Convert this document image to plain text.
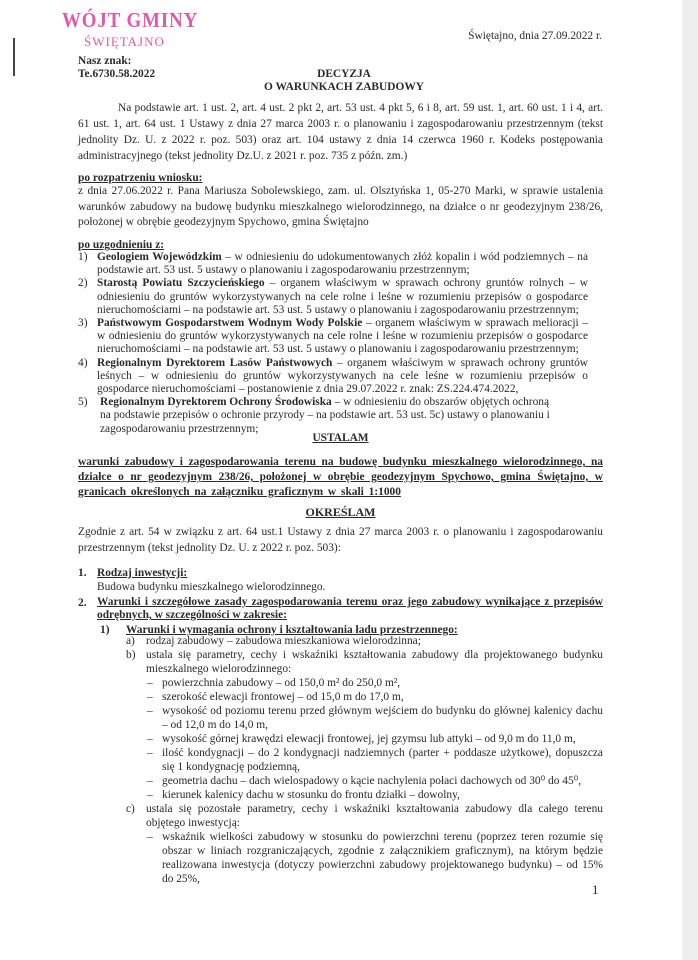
WÓJT GMINY
ŚWIĘTAJNO	Świętajno, dnia 27.09.2022 r.
Nasz znak:
Te.6730.58.2022	DECYZJA
O WARUNKACH ZABUDOWY
Na podstawie art. 1 ust. 2, art. 4 ust. 2 pkt 2, art. 53 ust. 4 pkt 5, 6 i 8, art. 59 ust. 1, art. 60 ust. 1 i 4, art. 61 ust. 1, art. 64 ust. 1 Ustawy z dnia 27 marca 2003 r. o planowaniu i zagospodarowaniu przestrzennym (tekst jednolity Dz. U. z 2022 r. poz. 503) oraz art. 104 ustawy z dnia 14 czerwca 1960 r. Kodeks postępowania administracyjnego (tekst jednolity Dz.U. z 2021 r. poz. 735 z późn. zm.)
po rozpatrzeniu wniosku:
z dnia 27.06.2022 r. Pana Mariusza Sobolewskiego, zam. ul. Olsztyńska 1, 05-270 Marki, w sprawie ustalenia warunków zabudowy na budowę budynku mieszkalnego wielorodzinnego, na działce o nr geodezyjnym 238/26, położonej w obrębie geodezyjnym Spychowo, gmina Świętajno
po uzgodnieniu z:
1) Geologiem Wojewódzkim – w odniesieniu do udokumentowanych złóż kopalin i wód podziemnych – na podstawie art. 53 ust. 5 ustawy o planowaniu i zagospodarowaniu przestrzennym;
2) Starostą Powiatu Szczycieńskiego – organem właściwym w sprawach ochrony gruntów rolnych – w odniesieniu do gruntów wykorzystywanych na cele rolne i leśne w rozumieniu przepisów o gospodarce nieruchomościami – na podstawie art. 53 ust. 5 ustawy o planowaniu i zagospodarowaniu przestrzennym;
3) Państwowym Gospodarstwem Wodnym Wody Polskie – organem właściwym w sprawach melioracji – w odniesieniu do gruntów wykorzystywanych na cele rolne i leśne w rozumieniu przepisów o gospodarce nieruchomościami – na podstawie art. 53 ust. 5 ustawy o planowaniu i zagospodarowaniu przestrzennym;
4) Regionalnym Dyrektorem Lasów Państwowych – organem właściwym w sprawach ochrony gruntów leśnych – w odniesieniu do gruntów wykorzystywanych na cele leśne w rozumieniu przepisów o gospodarce nieruchomościami – postanowienie z dnia 29.07.2022 r. znak: ZS.224.474.2022,
5)	Regionalnym Dyrektorem Ochrony Środowiska – w odniesieniu do obszarów objętych ochroną na podstawie przepisów o ochronie przyrody – na podstawie art. 53 ust. 5c) ustawy o planowaniu i zagospodarowaniu przestrzennym;
USTALAM
warunki zabudowy i zagospodarowania terenu na budowę budynku mieszkalnego wielorodzinnego, na działce o nr geodezyjnym 238/26, położonej w obrębie geodezyjnym Spychowo, gmina Świętajno, w granicach określonych na załączniku graficznym w skali 1:1000
OKREŚLAM
Zgodnie z art. 54 w związku z art. 64 ust.1 Ustawy z dnia 27 marca 2003 r. o planowaniu i zagospodarowaniu przestrzennym (tekst jednolity Dz. U. z 2022 r. poz. 503):
1. Rodzaj inwestycji:
Budowa budynku mieszkalnego wielorodzinnego.
2. Warunki i szczegółowe zasady zagospodarowania terenu oraz jego zabudowy wynikające z przepisów odrębnych, w szczególności w zakresie:
1)	Warunki i wymagania ochrony i kształtowania ładu przestrzennego:
a) rodzaj zabudowy – zabudowa mieszkaniowa wielorodzinna;
b) ustala się parametry, cechy i wskaźniki kształtowania zabudowy dla projektowanego budynku mieszkalnego wielorodzinnego:
– powierzchnia zabudowy – od 150,0 m² do 250,0 m²,
– szerokość elewacji frontowej – od 15,0 m do 17,0 m,
– wysokość od poziomu terenu przed głównym wejściem do budynku do głównej kalenicy dachu – od 12,0 m do 14,0 m,
– wysokość górnej krawędzi elewacji frontowej, jej gzymsu lub attyki – od 9,0 m do 11,0 m,
– ilość kondygnacji – do 2 kondygnacji nadziemnych (parter + poddasze użytkowe), dopuszcza się 1 kondygnację podziemną,
– geometria dachu – dach wielospadowy o kącie nachylenia połaci dachowych od 30⁰ do 45⁰,
– kierunek kalenicy dachu w stosunku do frontu działki – dowolny,
c) ustala się pozostałe parametry, cechy i wskaźniki kształtowania zabudowy dla całego terenu objętego inwestycją:
– wskaźnik wielkości zabudowy w stosunku do powierzchni terenu (poprzez teren rozumie się obszar w liniach rozgraniczających, zgodnie z załącznikiem graficznym), na którym będzie realizowana inwestycja (dotyczy powierzchni zabudowy projektowanego budynku) – od 15% do 25%,
1
